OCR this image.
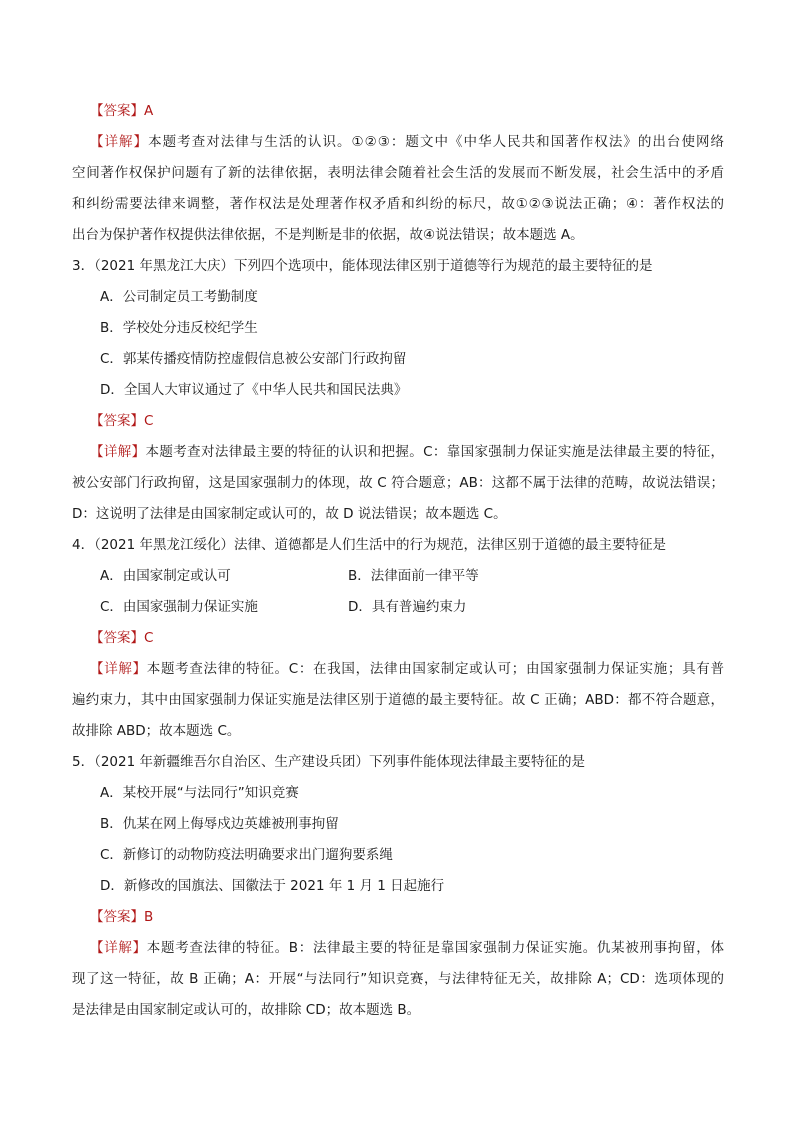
【答案】A
【详解】本题考查对法律与生活的认识。①②③：题文中《中华人民共和国著作权法》的出台使网络
空间著作权保护问题有了新的法律依据，表明法律会随着社会生活的发展而不断发展，社会生活中的矛盾
和纠纷需要法律来调整，著作权法是处理著作权矛盾和纠纷的标尺，故①②③说法正确；④：著作权法的
出台为保护著作权提供法律依据，不是判断是非的依据，故④说法错误；故本题选 A。
3．（2021 年黑龙江大庆）下列四个选项中，能体现法律区别于道德等行为规范的最主要特征的是
A．公司制定员工考勤制度
B．学校处分违反校纪学生
C．郭某传播疫情防控虚假信息被公安部门行政拘留
D．全国人大审议通过了《中华人民共和国民法典》
【答案】C
【详解】本题考查对法律最主要的特征的认识和把握。C：靠国家强制力保证实施是法律最主要的特征，
被公安部门行政拘留，这是国家强制力的体现，故 C 符合题意；AB：这都不属于法律的范畴，故说法错误；
D：这说明了法律是由国家制定或认可的，故 D 说法错误；故本题选 C。
4．（2021 年黑龙江绥化）法律、道德都是人们生活中的行为规范，法律区别于道德的最主要特征是
A．由国家制定或认可	B．法律面前一律平等
C．由国家强制力保证实施	D．具有普遍约束力
【答案】C
【详解】本题考查法律的特征。C：在我国，法律由国家制定或认可；由国家强制力保证实施；具有普
遍约束力，其中由国家强制力保证实施是法律区别于道德的最主要特征。故 C 正确；ABD：都不符合题意，
故排除 ABD；故本题选 C。
5．（2021 年新疆维吾尔自治区、生产建设兵团）下列事件能体现法律最主要特征的是
A．某校开展“与法同行”知识竞赛
B．仇某在网上侮辱戍边英雄被刑事拘留
C．新修订的动物防疫法明确要求出门遛狗要系绳
D．新修改的国旗法、国徽法于 2021 年 1 月 1 日起施行
【答案】B
【详解】本题考查法律的特征。B：法律最主要的特征是靠国家强制力保证实施。仇某被刑事拘留，体
现了这一特征，故 B 正确；A：开展“与法同行”知识竞赛，与法律特征无关，故排除 A；CD：选项体现的
是法律是由国家制定或认可的，故排除 CD；故本题选 B。
